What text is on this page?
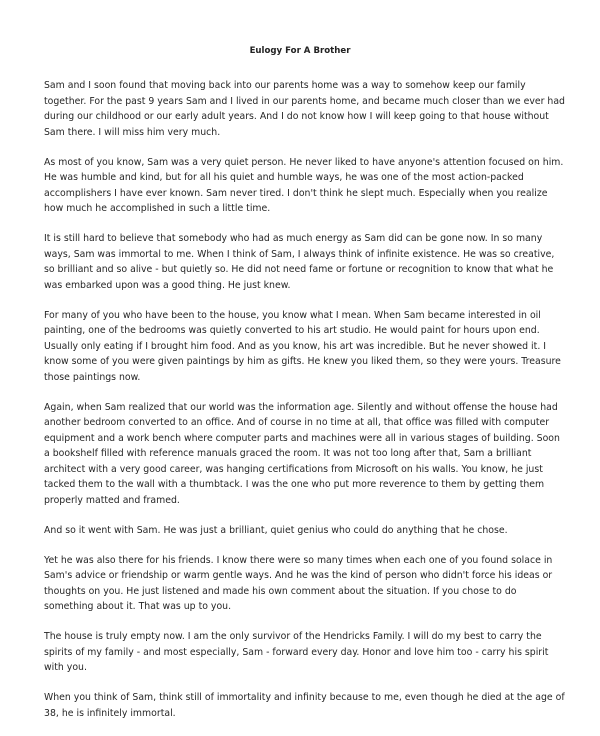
Eulogy For A Brother

Sam and I soon found that moving back into our parents home was a way to somehow keep our family together. For the past 9 years Sam and I lived in our parents home, and became much closer than we ever had during our childhood or our early adult years. And I do not know how I will keep going to that house without Sam there. I will miss him very much.

As most of you know, Sam was a very quiet person. He never liked to have anyone's attention focused on him. He was humble and kind, but for all his quiet and humble ways, he was one of the most action-packed accomplishers I have ever known. Sam never tired. I don't think he slept much. Especially when you realize how much he accomplished in such a little time.

It is still hard to believe that somebody who had as much energy as Sam did can be gone now. In so many ways, Sam was immortal to me. When I think of Sam, I always think of infinite existence. He was so creative, so brilliant and so alive - but quietly so. He did not need fame or fortune or recognition to know that what he was embarked upon was a good thing. He just knew.

For many of you who have been to the house, you know what I mean. When Sam became interested in oil painting, one of the bedrooms was quietly converted to his art studio. He would paint for hours upon end. Usually only eating if I brought him food. And as you know, his art was incredible. But he never showed it. I know some of you were given paintings by him as gifts. He knew you liked them, so they were yours. Treasure those paintings now.

Again, when Sam realized that our world was the information age. Silently and without offense the house had another bedroom converted to an office. And of course in no time at all, that office was filled with computer equipment and a work bench where computer parts and machines were all in various stages of building. Soon a bookshelf filled with reference manuals graced the room. It was not too long after that, Sam a brilliant architect with a very good career, was hanging certifications from Microsoft on his walls. You know, he just tacked them to the wall with a thumbtack. I was the one who put more reverence to them by getting them properly matted and framed.

And so it went with Sam. He was just a brilliant, quiet genius who could do anything that he chose.

Yet he was also there for his friends. I know there were so many times when each one of you found solace in Sam's advice or friendship or warm gentle ways. And he was the kind of person who didn't force his ideas or thoughts on you. He just listened and made his own comment about the situation. If you chose to do something about it. That was up to you.

The house is truly empty now. I am the only survivor of the Hendricks Family. I will do my best to carry the spirits of my family - and most especially, Sam - forward every day. Honor and love him too - carry his spirit with you.

When you think of Sam, think still of immortality and infinity because to me, even though he died at the age of 38, he is infinitely immortal.
